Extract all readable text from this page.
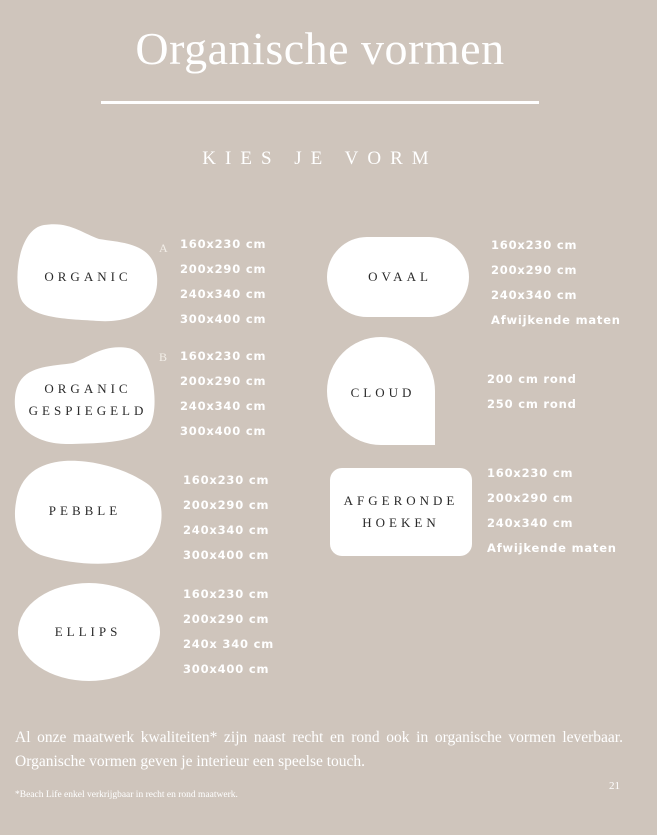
Organische vormen
KIES JE VORM
ORGANIC
A 160x230 cm
200x290 cm
240x340 cm
300x400 cm
ORGANIC
GESPIEGELD
B 160x230 cm
200x290 cm
240x340 cm
300x400 cm
PEBBLE
160x230 cm
200x290 cm
240x340 cm
300x400 cm
ELLIPS
160x230 cm
200x290 cm
240x 340 cm
300x400 cm
OVAAL
160x230 cm
200x290 cm
240x340 cm
Afwijkende maten
CLOUD
200 cm rond
250 cm rond
AFGERONDE
HOEKEN
160x230 cm
200x290 cm
240x340 cm
Afwijkende maten
Al onze maatwerk kwaliteiten* zijn naast recht en rond ook in organische vormen leverbaar. Organische vormen geven je interieur een speelse touch.
21
*Beach Life enkel verkrijgbaar in recht en rond maatwerk.
